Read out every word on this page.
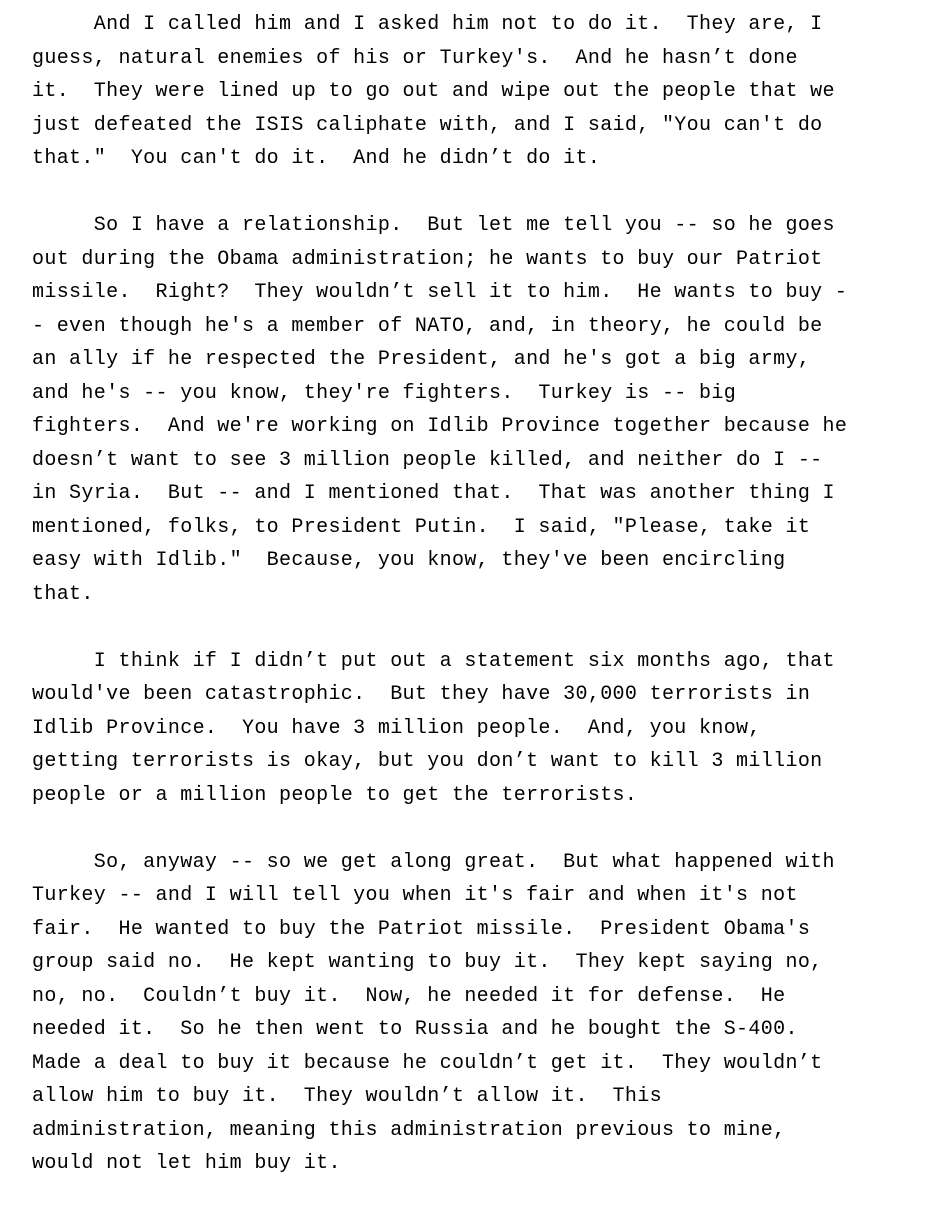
And I called him and I asked him not to do it.  They are, I
guess, natural enemies of his or Turkey's.  And he hasn’t done
it.  They were lined up to go out and wipe out the people that we
just defeated the ISIS caliphate with, and I said, "You can't do
that."  You can't do it.  And he didn’t do it.
So I have a relationship.  But let me tell you -- so he goes
out during the Obama administration; he wants to buy our Patriot
missile.  Right?  They wouldn’t sell it to him.  He wants to buy -
- even though he's a member of NATO, and, in theory, he could be
an ally if he respected the President, and he's got a big army,
and he's -- you know, they're fighters.  Turkey is -- big
fighters.  And we're working on Idlib Province together because he
doesn’t want to see 3 million people killed, and neither do I --
in Syria.  But -- and I mentioned that.  That was another thing I
mentioned, folks, to President Putin.  I said, "Please, take it
easy with Idlib."  Because, you know, they've been encircling
that.
I think if I didn’t put out a statement six months ago, that
would've been catastrophic.  But they have 30,000 terrorists in
Idlib Province.  You have 3 million people.  And, you know,
getting terrorists is okay, but you don’t want to kill 3 million
people or a million people to get the terrorists.
So, anyway -- so we get along great.  But what happened with
Turkey -- and I will tell you when it's fair and when it's not
fair.  He wanted to buy the Patriot missile.  President Obama's
group said no.  He kept wanting to buy it.  They kept saying no,
no, no.  Couldn’t buy it.  Now, he needed it for defense.  He
needed it.  So he then went to Russia and he bought the S-400.
Made a deal to buy it because he couldn’t get it.  They wouldn’t
allow him to buy it.  They wouldn’t allow it.  This
administration, meaning this administration previous to mine,
would not let him buy it.
